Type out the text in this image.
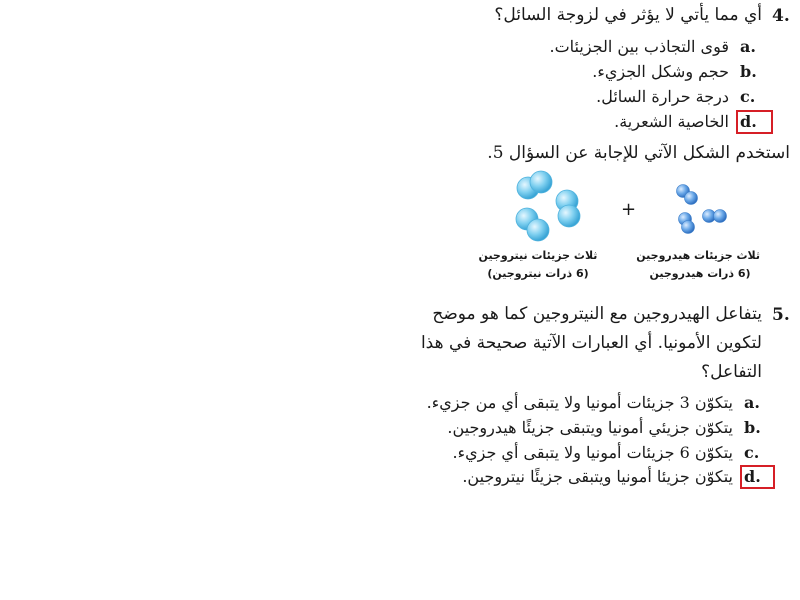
4.
أي مما يأتي لا يؤثر في لزوجة السائل؟
a.
قوى التجاذب بين الجزيئات.
b.
حجم وشكل الجزيء.
c.
درجة حرارة السائل.
d.
الخاصية الشعرية.
استخدم الشكل الآتي للإجابة عن السؤال 5.
+
ثلاث جزيئات نيتروجين
(6 ذرات نيتروجين)
ثلاث جزيئات هيدروجين
(6 ذرات هيدروجين
5.
يتفاعل الهيدروجين مع النيتروجين كما هو موضح
لتكوين الأمونيا. أي العبارات الآتية صحيحة في هذا
التفاعل؟
a.
يتكوّن 3 جزيئات أمونيا ولا يتبقى أي من جزيء.
b.
يتكوّن جزيئي أمونيا ويتبقى جزيئًا هيدروجين.
c.
يتكوّن 6 جزيئات أمونيا ولا يتبقى أي جزيء.
d.
يتكوّن جزيئا أمونيا ويتبقى جزيئًا نيتروجين.
